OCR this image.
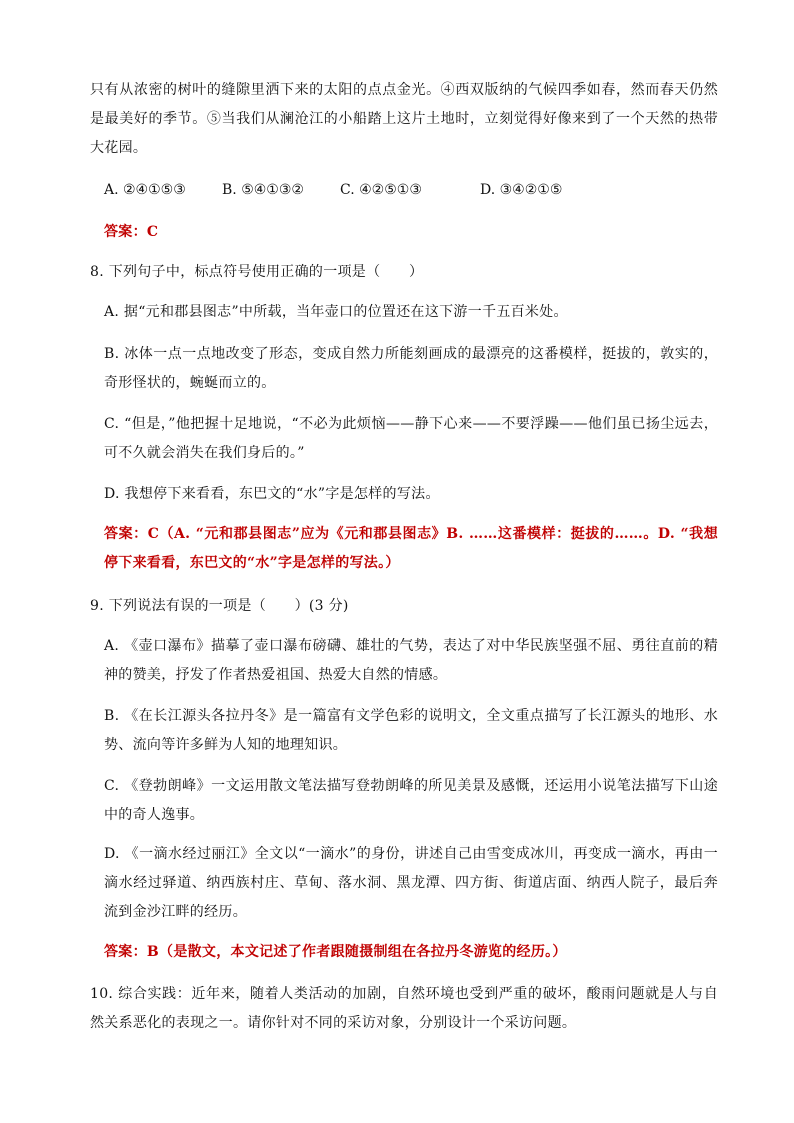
只有从浓密的树叶的缝隙里洒下来的太阳的点点金光。④西双版纳的气候四季如春，然而春天仍然是最美好的季节。⑤当我们从澜沧江的小船踏上这片土地时，立刻觉得好像来到了一个天然的热带大花园。
A. ②④①⑤③	B. ⑤④①③②	C. ④②⑤①③	D. ③④②①⑤
答案：C
8. 下列句子中，标点符号使用正确的一项是（　　）
A. 据“元和郡县图志”中所载，当年壶口的位置还在这下游一千五百米处。
B. 冰体一点一点地改变了形态，变成自然力所能刻画成的最漂亮的这番模样，挺拔的，敦实的，奇形怪状的，蜿蜒而立的。
C. “但是，”他把握十足地说，“不必为此烦恼——静下心来——不要浮躁——他们虽已扬尘远去，可不久就会消失在我们身后的。”
D. 我想停下来看看，东巴文的“水”字是怎样的写法。
答案：C（A. “元和郡县图志”应为《元和郡县图志》B. ……这番模样：挺拔的……。D. “我想停下来看看，东巴文的“水”字是怎样的写法。）
9. 下列说法有误的一项是（　　）(3 分)
A. 《壶口瀑布》描摹了壶口瀑布磅礴、雄壮的气势，表达了对中华民族坚强不屈、勇往直前的精神的赞美，抒发了作者热爱祖国、热爱大自然的情感。
B. 《在长江源头各拉丹冬》是一篇富有文学色彩的说明文，全文重点描写了长江源头的地形、水势、流向等许多鲜为人知的地理知识。
C. 《登勃朗峰》一文运用散文笔法描写登勃朗峰的所见美景及感慨，还运用小说笔法描写下山途中的奇人逸事。
D. 《一滴水经过丽江》全文以“一滴水”的身份，讲述自己由雪变成冰川，再变成一滴水，再由一滴水经过驿道、纳西族村庄、草甸、落水洞、黑龙潭、四方街、街道店面、纳西人院子，最后奔流到金沙江畔的经历。
答案：B（是散文，本文记述了作者跟随摄制组在各拉丹冬游览的经历。）
10. 综合实践：近年来，随着人类活动的加剧，自然环境也受到严重的破坏，酸雨问题就是人与自然关系恶化的表现之一。请你针对不同的采访对象，分别设计一个采访问题。
